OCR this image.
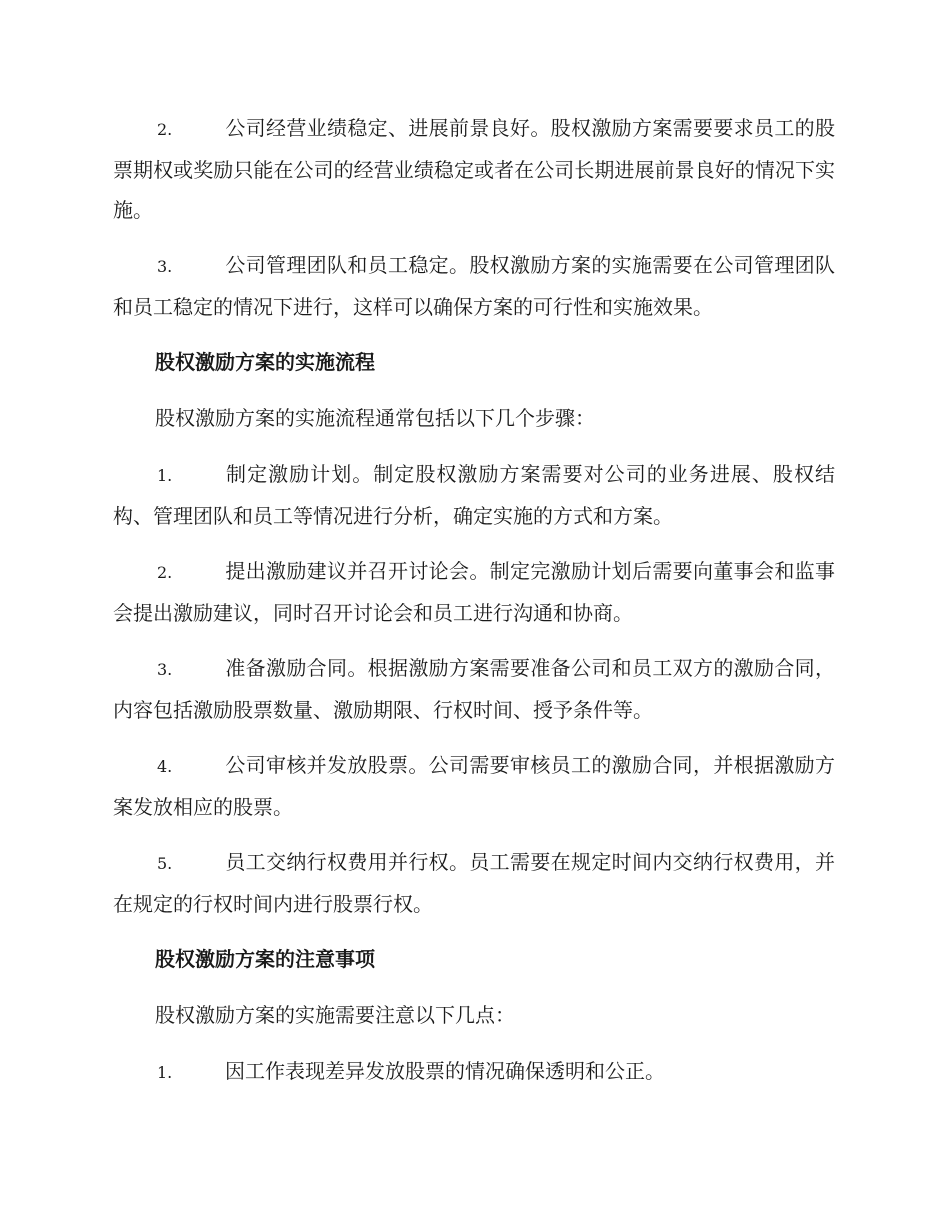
2.	公司经营业绩稳定、进展前景良好。股权激励方案需要要求员工的股票期权或奖励只能在公司的经营业绩稳定或者在公司长期进展前景良好的情况下实施。

3.	公司管理团队和员工稳定。股权激励方案的实施需要在公司管理团队和员工稳定的情况下进行，这样可以确保方案的可行性和实施效果。

股权激励方案的实施流程

股权激励方案的实施流程通常包括以下几个步骤：

1.	制定激励计划。制定股权激励方案需要对公司的业务进展、股权结构、管理团队和员工等情况进行分析，确定实施的方式和方案。

2.	提出激励建议并召开讨论会。制定完激励计划后需要向董事会和监事会提出激励建议，同时召开讨论会和员工进行沟通和协商。

3.	准备激励合同。根据激励方案需要准备公司和员工双方的激励合同，内容包括激励股票数量、激励期限、行权时间、授予条件等。

4.	公司审核并发放股票。公司需要审核员工的激励合同，并根据激励方案发放相应的股票。

5.	员工交纳行权费用并行权。员工需要在规定时间内交纳行权费用，并在规定的行权时间内进行股票行权。

股权激励方案的注意事项

股权激励方案的实施需要注意以下几点：

1.	因工作表现差异发放股票的情况确保透明和公正。
